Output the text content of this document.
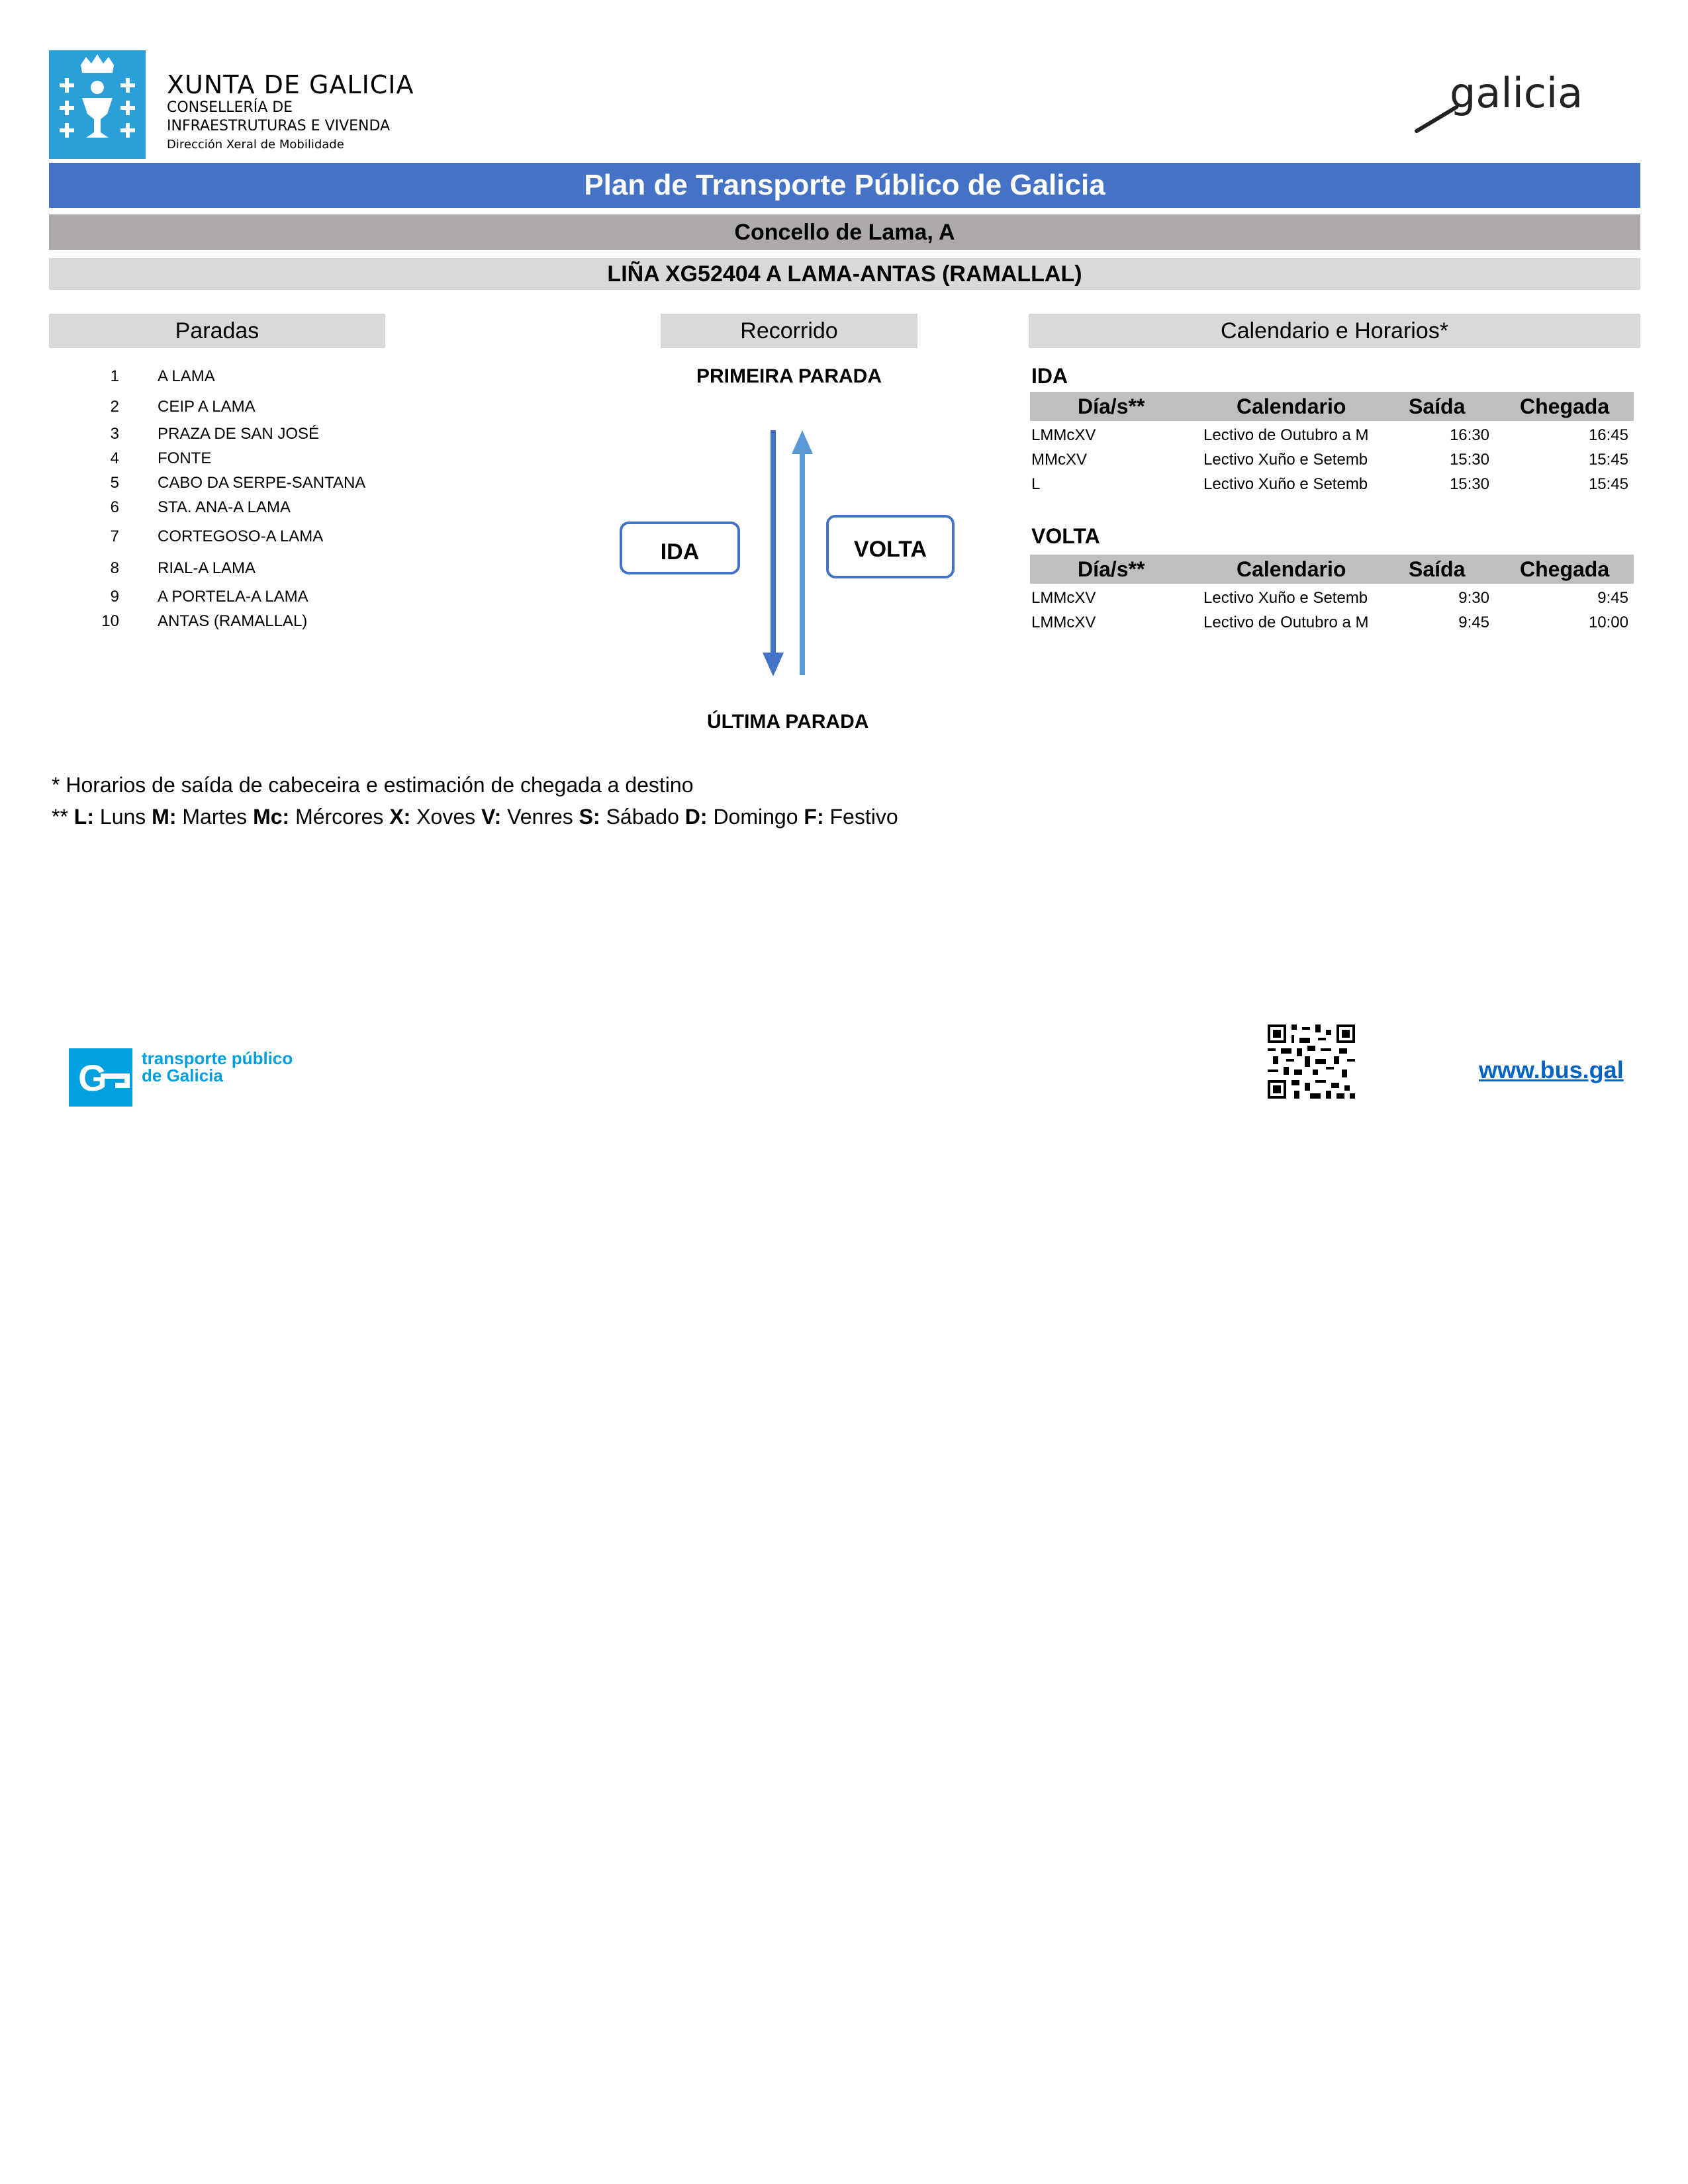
XUNTA DE GALICIA
CONSELLERÍA DE
INFRAESTRUTURAS E VIVENDA
Dirección Xeral de Mobilidade
galicia
Plan de Transporte Público de Galicia
Concello de Lama, A
LIÑA XG52404 A LAMA-ANTAS (RAMALLAL)
Paradas	Recorrido	Calendario e Horarios*
1 A LAMA
2 CEIP A LAMA
3 PRAZA DE SAN JOSÉ
4 FONTE
5 CABO DA SERPE-SANTANA
6 STA. ANA-A LAMA
7 CORTEGOSO-A LAMA
8 RIAL-A LAMA
9 A PORTELA-A LAMA
10 ANTAS (RAMALLAL)
PRIMEIRA PARADA
IDA	VOLTA
ÚLTIMA PARADA
IDA
Día/s**	Calendario	Saída	Chegada
LMMcXV	Lectivo de Outubro a M	16:30	16:45
MMcXV	Lectivo Xuño e Setemb	15:30	15:45
L	Lectivo Xuño e Setemb	15:30	15:45
VOLTA
Día/s**	Calendario	Saída	Chegada
LMMcXV	Lectivo Xuño e Setemb	9:30	9:45
LMMcXV	Lectivo de Outubro a M	9:45	10:00
* Horarios de saída de cabeceira e estimación de chegada a destino
** L: Luns M: Martes Mc: Mércores X: Xoves V: Venres S: Sábado D: Domingo F: Festivo
G transporte público
de Galicia	www.bus.gal
